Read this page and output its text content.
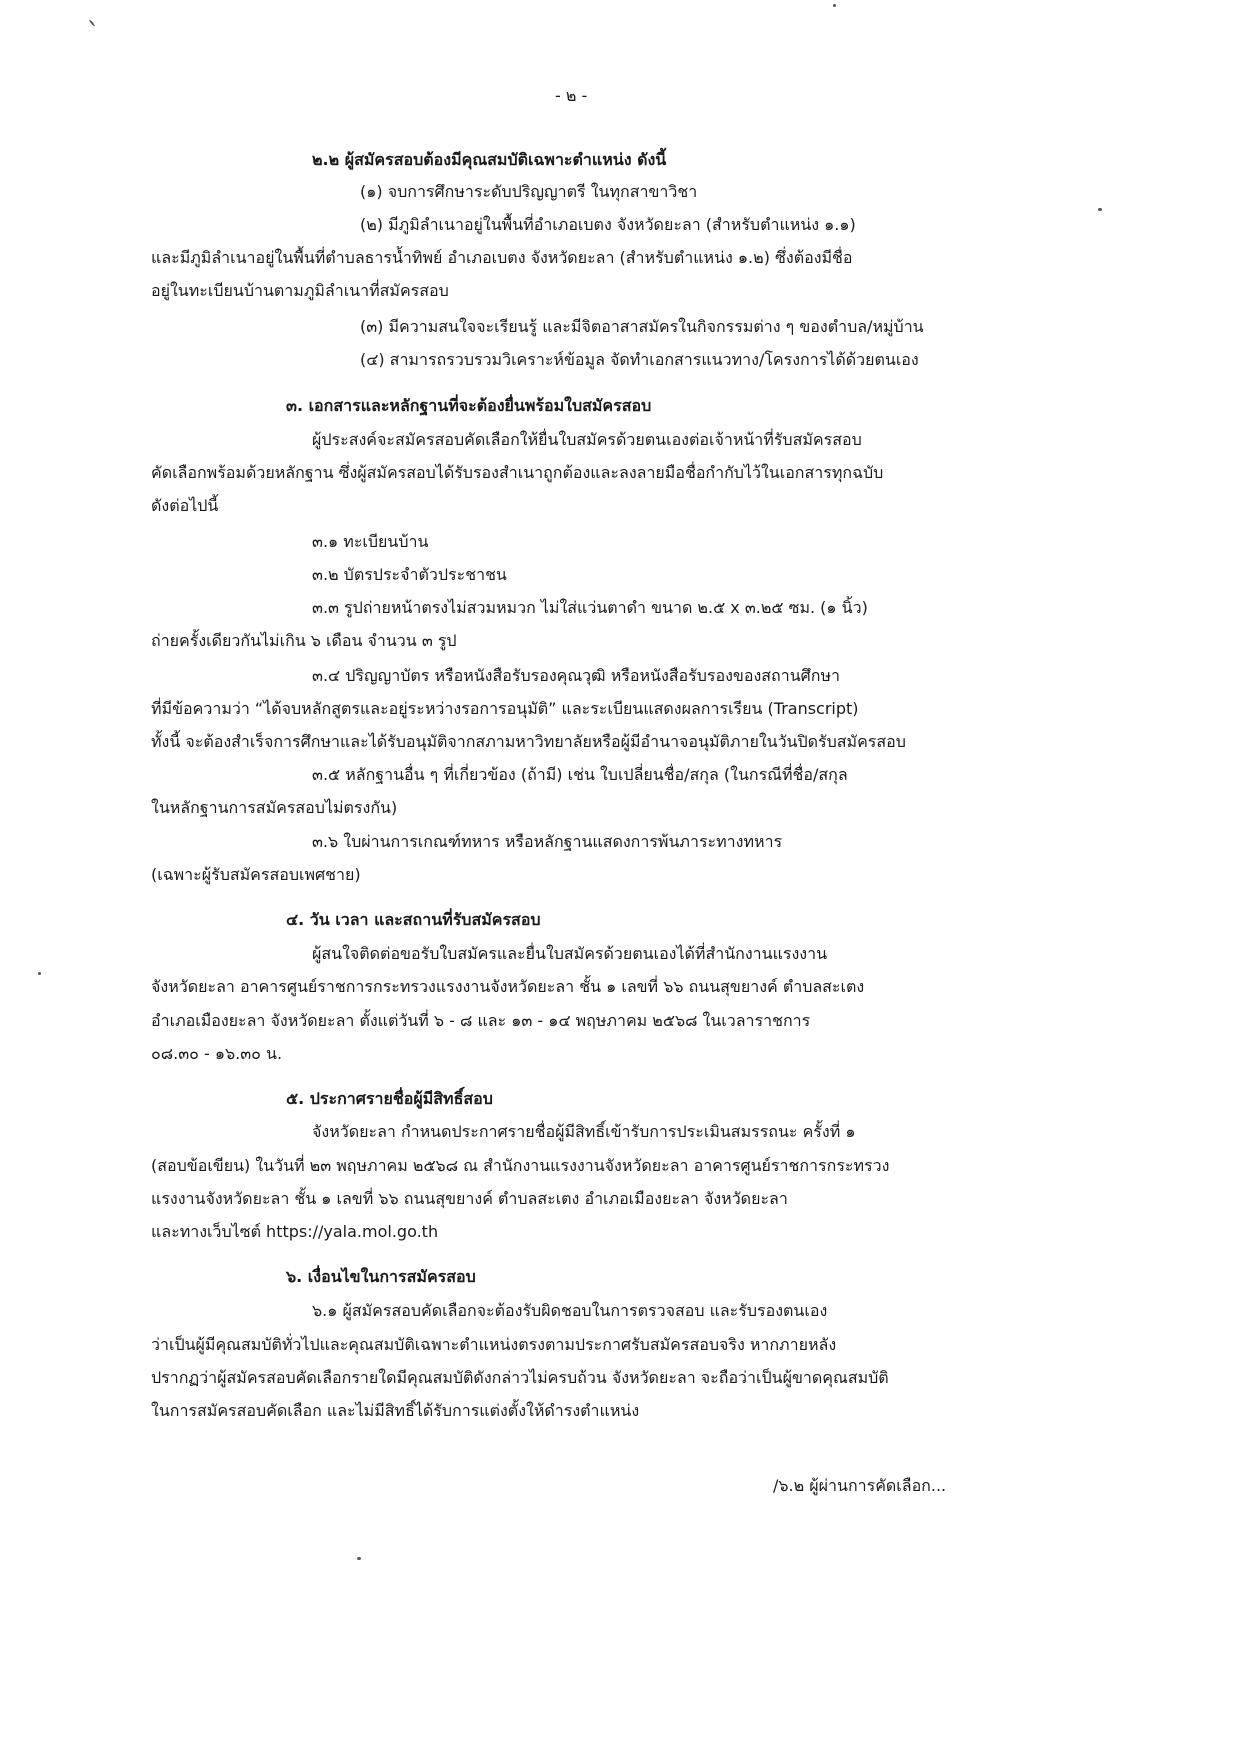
- ๒ -

๒.๒ ผู้สมัครสอบต้องมีคุณสมบัติเฉพาะตำแหน่ง ดังนี้

(๑) จบการศึกษาระดับปริญญาตรี ในทุกสาขาวิชา

(๒) มีภูมิลำเนาอยู่ในพื้นที่อำเภอเบตง จังหวัดยะลา (สำหรับตำแหน่ง ๑.๑)

และมีภูมิลำเนาอยู่ในพื้นที่ตำบลธารน้ำทิพย์ อำเภอเบตง จังหวัดยะลา (สำหรับตำแหน่ง ๑.๒) ซึ่งต้องมีชื่อ

อยู่ในทะเบียนบ้านตามภูมิลำเนาที่สมัครสอบ

(๓) มีความสนใจจะเรียนรู้ และมีจิตอาสาสมัครในกิจกรรมต่าง ๆ ของตำบล/หมู่บ้าน

(๔) สามารถรวบรวมวิเคราะห์ข้อมูล จัดทำเอกสารแนวทาง/โครงการได้ด้วยตนเอง

๓. เอกสารและหลักฐานที่จะต้องยื่นพร้อมใบสมัครสอบ

ผู้ประสงค์จะสมัครสอบคัดเลือกให้ยื่นใบสมัครด้วยตนเองต่อเจ้าหน้าที่รับสมัครสอบ

คัดเลือกพร้อมด้วยหลักฐาน ซึ่งผู้สมัครสอบได้รับรองสำเนาถูกต้องและลงลายมือชื่อกำกับไว้ในเอกสารทุกฉบับ

ดังต่อไปนี้

๓.๑ ทะเบียนบ้าน

๓.๒ บัตรประจำตัวประชาชน

๓.๓ รูปถ่ายหน้าตรงไม่สวมหมวก ไม่ใส่แว่นตาดำ ขนาด ๒.๕ x ๓.๒๕ ซม. (๑ นิ้ว)

ถ่ายครั้งเดียวกันไม่เกิน ๖ เดือน จำนวน ๓ รูป

๓.๔ ปริญญาบัตร หรือหนังสือรับรองคุณวุฒิ หรือหนังสือรับรองของสถานศึกษา

ที่มีข้อความว่า “ได้จบหลักสูตรและอยู่ระหว่างรอการอนุมัติ” และระเบียนแสดงผลการเรียน (Transcript)

ทั้งนี้ จะต้องสำเร็จการศึกษาและได้รับอนุมัติจากสภามหาวิทยาลัยหรือผู้มีอำนาจอนุมัติภายในวันปิดรับสมัครสอบ

๓.๕ หลักฐานอื่น ๆ ที่เกี่ยวข้อง (ถ้ามี) เช่น ใบเปลี่ยนชื่อ/สกุล (ในกรณีที่ชื่อ/สกุล

ในหลักฐานการสมัครสอบไม่ตรงกัน)

๓.๖ ใบผ่านการเกณฑ์ทหาร หรือหลักฐานแสดงการพ้นภาระทางทหาร

(เฉพาะผู้รับสมัครสอบเพศชาย)

๔. วัน เวลา และสถานที่รับสมัครสอบ

ผู้สนใจติดต่อขอรับใบสมัครและยื่นใบสมัครด้วยตนเองได้ที่สำนักงานแรงงาน

จังหวัดยะลา อาคารศูนย์ราชการกระทรวงแรงงานจังหวัดยะลา ชั้น ๑ เลขที่ ๖๖ ถนนสุขยางค์ ตำบลสะเตง

อำเภอเมืองยะลา จังหวัดยะลา ตั้งแต่วันที่ ๖ - ๘ และ ๑๓ - ๑๔ พฤษภาคม ๒๕๖๘ ในเวลาราชการ

๐๘.๓๐ - ๑๖.๓๐ น.

๕. ประกาศรายชื่อผู้มีสิทธิ์สอบ

จังหวัดยะลา กำหนดประกาศรายชื่อผู้มีสิทธิ์เข้ารับการประเมินสมรรถนะ ครั้งที่ ๑

(สอบข้อเขียน) ในวันที่ ๒๓ พฤษภาคม ๒๕๖๘ ณ สำนักงานแรงงานจังหวัดยะลา อาคารศูนย์ราชการกระทรวง

แรงงานจังหวัดยะลา ชั้น ๑ เลขที่ ๖๖ ถนนสุขยางค์ ตำบลสะเตง อำเภอเมืองยะลา จังหวัดยะลา

และทางเว็บไซต์ https://yala.mol.go.th

๖. เงื่อนไขในการสมัครสอบ

๖.๑ ผู้สมัครสอบคัดเลือกจะต้องรับผิดชอบในการตรวจสอบ และรับรองตนเอง

ว่าเป็นผู้มีคุณสมบัติทั่วไปและคุณสมบัติเฉพาะตำแหน่งตรงตามประกาศรับสมัครสอบจริง หากภายหลัง

ปรากฏว่าผู้สมัครสอบคัดเลือกรายใดมีคุณสมบัติดังกล่าวไม่ครบถ้วน จังหวัดยะลา จะถือว่าเป็นผู้ขาดคุณสมบัติ

ในการสมัครสอบคัดเลือก และไม่มีสิทธิ์ได้รับการแต่งตั้งให้ดำรงตำแหน่ง

/๖.๒ ผู้ผ่านการคัดเลือก...
